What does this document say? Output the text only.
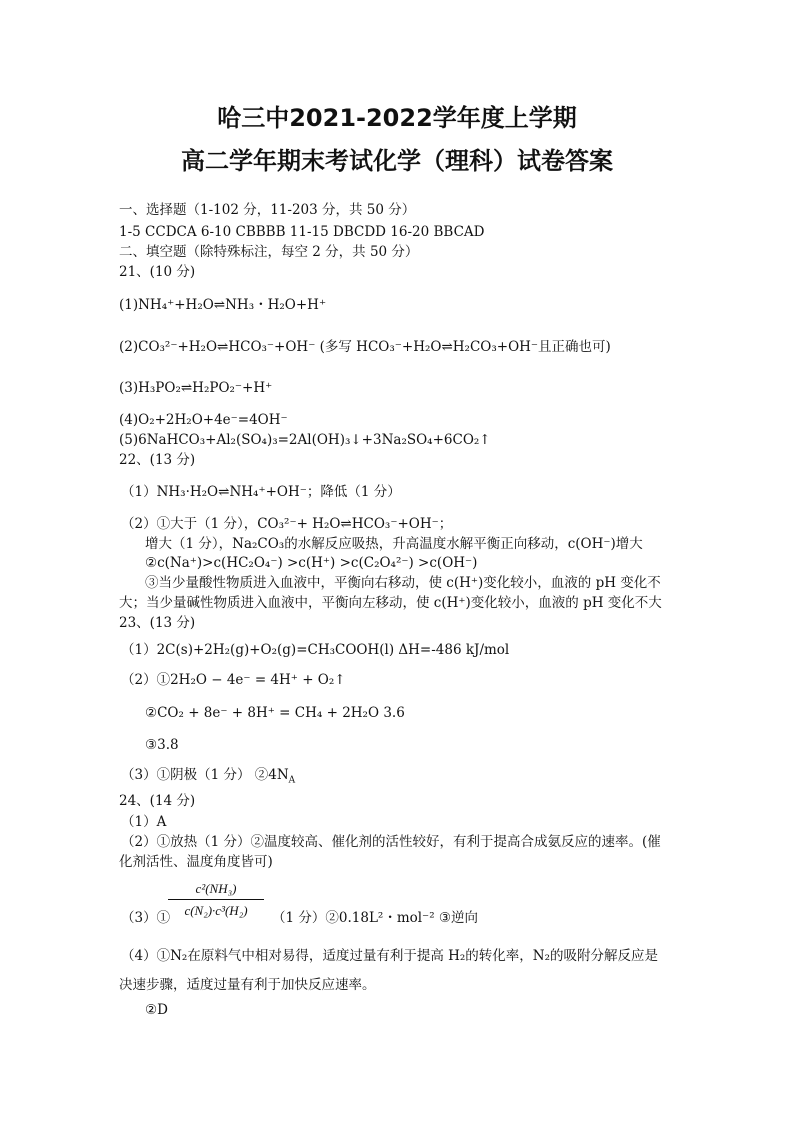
哈三中2021-2022学年度上学期
高二学年期末考试化学（理科）试卷答案
一、选择题（1-102 分，11-203 分，共 50 分）
1-5 CCDCA 6-10 CBBBB 11-15 DBCDD 16-20 BBCAD
二、填空题（除特殊标注，每空 2 分，共 50 分）
21、(10 分)
(1)NH₄⁺+H₂O⇌NH₃・H₂O+H⁺
(2)CO₃²⁻+H₂O⇌HCO₃⁻+OH⁻ (多写 HCO₃⁻+H₂O⇌H₂CO₃+OH⁻且正确也可)
(3)H₃PO₂⇌H₂PO₂⁻+H⁺
(4)O₂+2H₂O+4e⁻=4OH⁻
(5)6NaHCO₃+Al₂(SO₄)₃=2Al(OH)₃↓+3Na₂SO₄+6CO₂↑
22、(13 分)
（1）NH₃·H₂O⇌NH₄⁺+OH⁻；降低（1 分）
（2）①大于（1 分），CO₃²⁻+ H₂O⇌HCO₃⁻+OH⁻；
增大（1 分），Na₂CO₃的水解反应吸热，升高温度水解平衡正向移动，c(OH⁻)增大
②c(Na⁺)>c(HC₂O₄⁻) >c(H⁺) >c(C₂O₄²⁻) >c(OH⁻)
③当少量酸性物质进入血液中，平衡向右移动，使 c(H⁺)变化较小，血液的 pH 变化不
大；当少量碱性物质进入血液中，平衡向左移动，使 c(H⁺)变化较小，血液的 pH 变化不大
23、(13 分)
（1）2C(s)+2H₂(g)+O₂(g)=CH₃COOH(l) ΔH=-486 kJ/mol
（2）①2H₂O − 4e⁻ = 4H⁺ + O₂↑
②CO₂ + 8e⁻ + 8H⁺ = CH₄ + 2H₂O 3.6
③3.8
（3）①阴极（1 分） $②4N_A$
24、(14 分)
（1）A
（2）①放热（1 分）②温度较高、催化剂的活性较好，有利于提高合成氨反应的速率。(催
化剂活性、温度角度皆可)
（3）①
c²(NH₃)
c(N₂)·c³(H₂)	（1 分）②0.18L²・mol⁻² ③逆向
（4）①N₂在原料气中相对易得，适度过量有利于提高 H₂的转化率，N₂的吸附分解反应是
决速步骤，适度过量有利于加快反应速率。
②D
